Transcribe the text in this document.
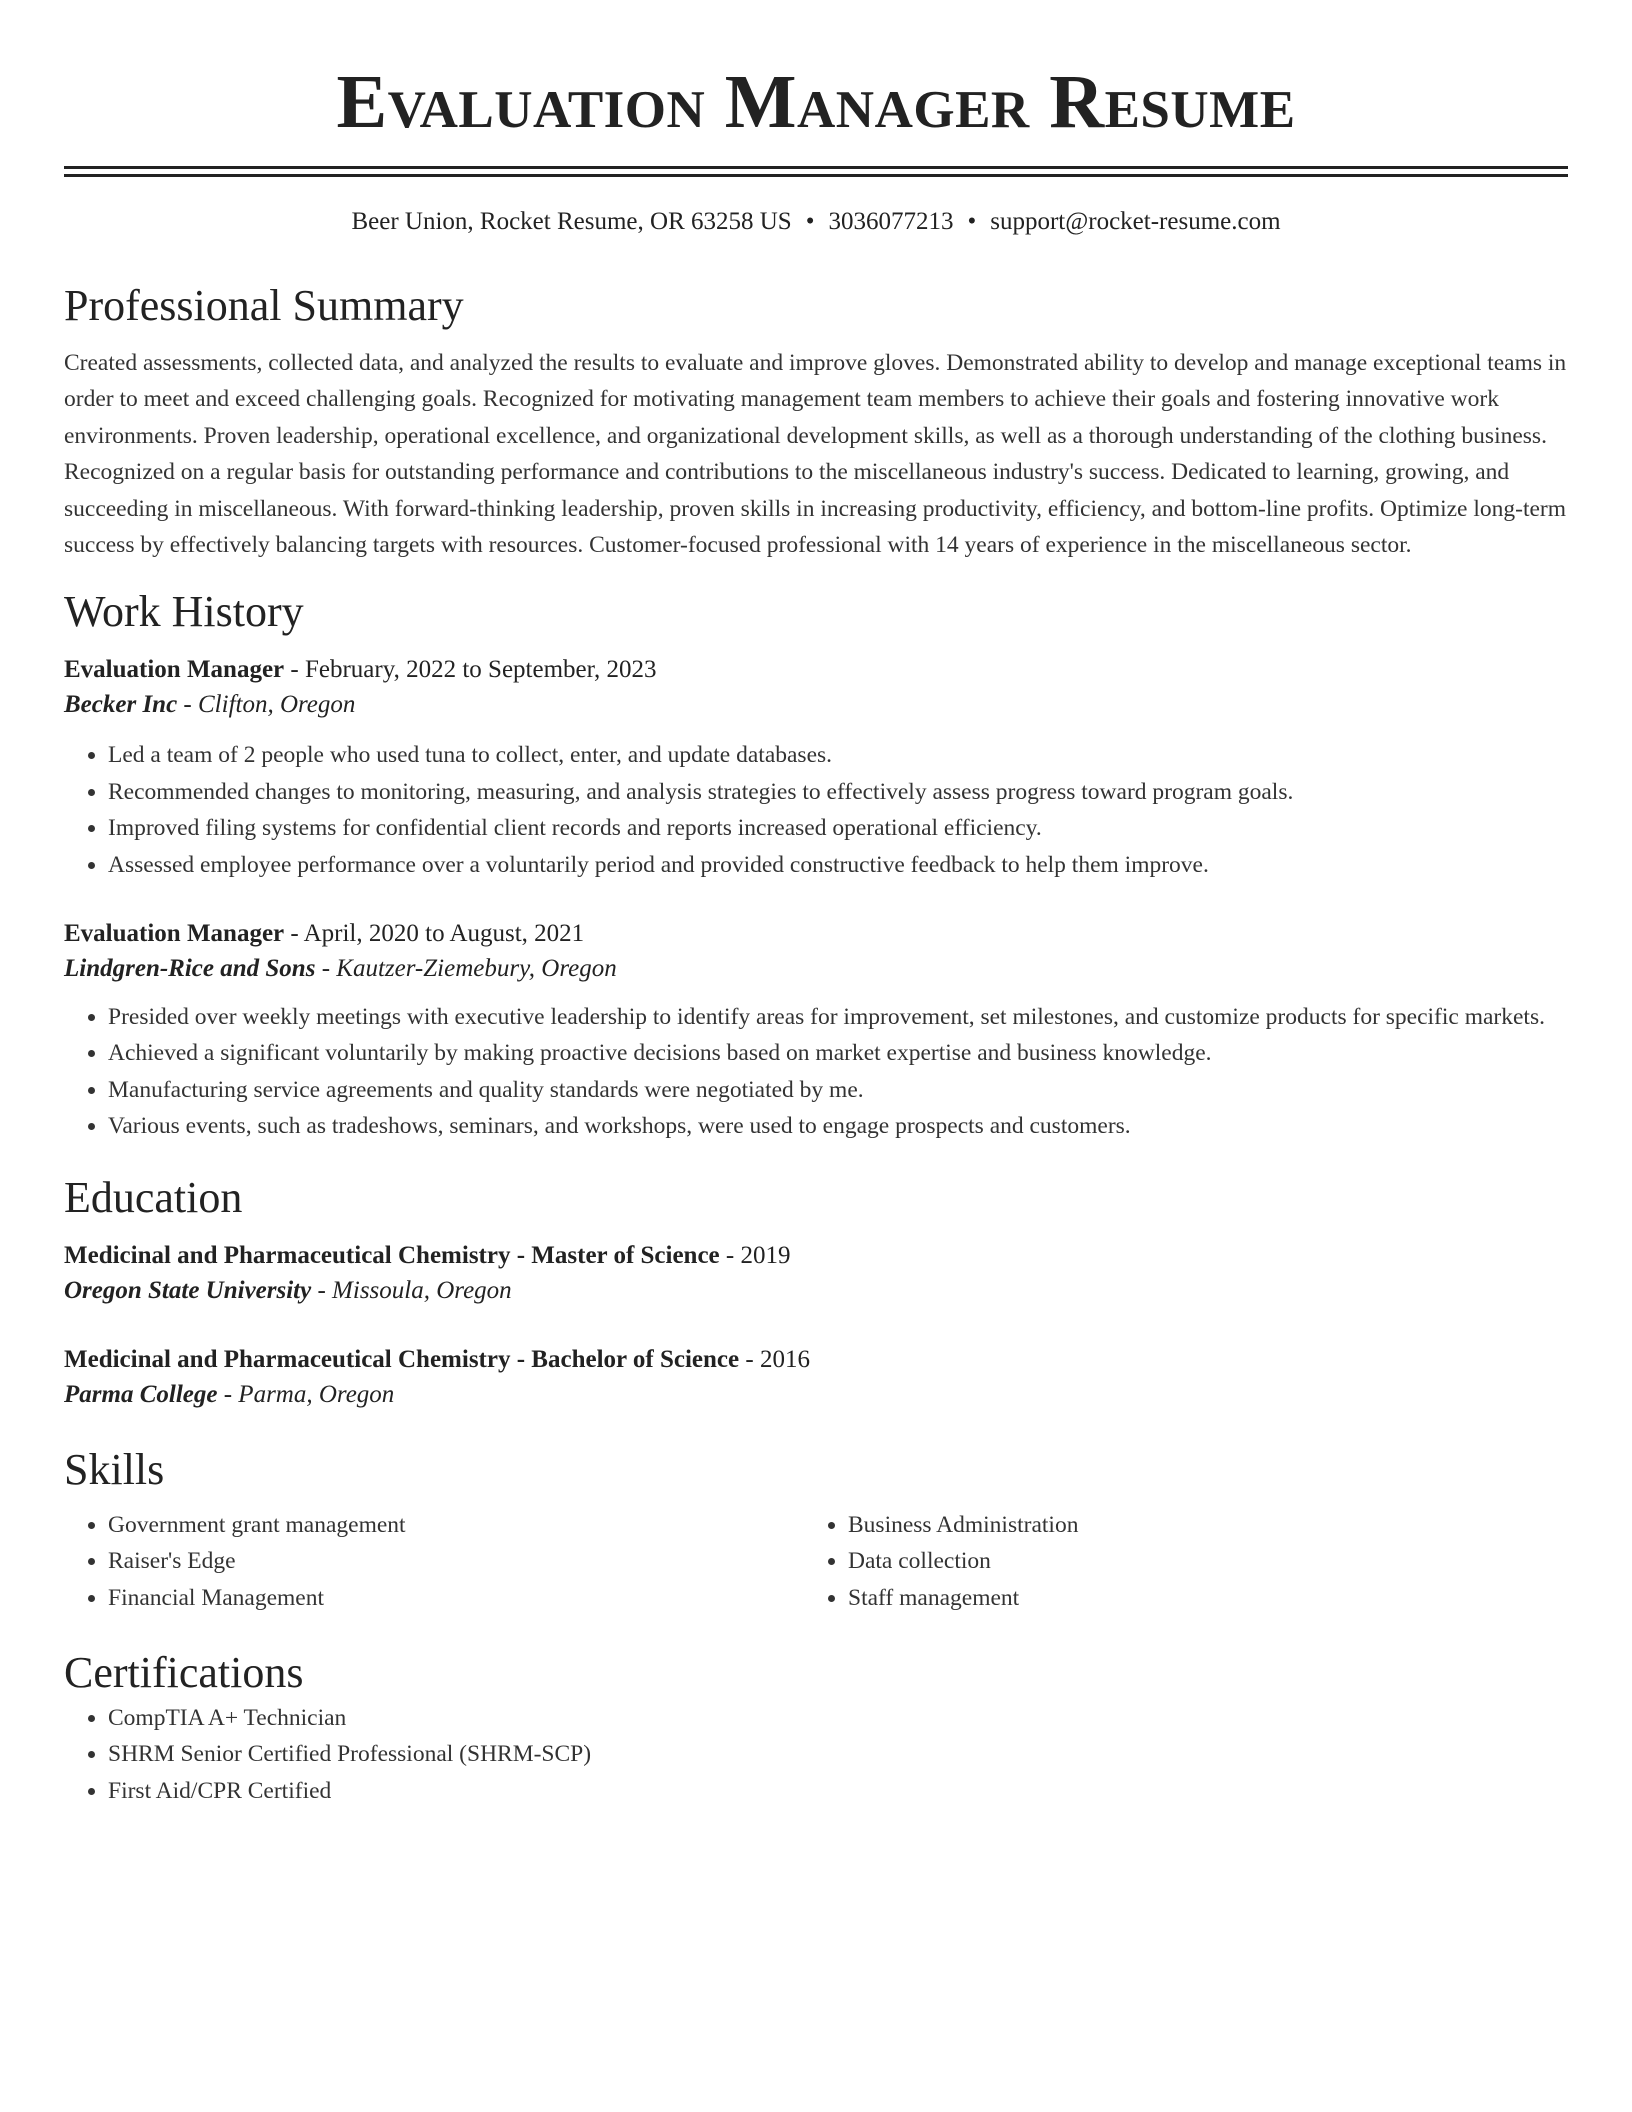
Evaluation Manager Resume
Beer Union, Rocket Resume, OR 63258 US • 3036077213 • support@rocket-resume.com
Professional Summary

Created assessments, collected data, and analyzed the results to evaluate and improve gloves. Demonstrated ability to develop and manage exceptional teams in order to meet and exceed challenging goals. Recognized for motivating management team members to achieve their goals and fostering innovative work environments. Proven leadership, operational excellence, and organizational development skills, as well as a thorough understanding of the clothing business. Recognized on a regular basis for outstanding performance and contributions to the miscellaneous industry's success. Dedicated to learning, growing, and succeeding in miscellaneous. With forward-thinking leadership, proven skills in increasing productivity, efficiency, and bottom-line profits. Optimize long-term success by effectively balancing targets with resources. Customer-focused professional with 14 years of experience in the miscellaneous sector.

Work History
Evaluation Manager - February, 2022 to September, 2023
Becker Inc - Clifton, Oregon
• Led a team of 2 people who used tuna to collect, enter, and update databases.
• Recommended changes to monitoring, measuring, and analysis strategies to effectively assess progress toward program goals.
• Improved filing systems for confidential client records and reports increased operational efficiency.
• Assessed employee performance over a voluntarily period and provided constructive feedback to help them improve.
Evaluation Manager - April, 2020 to August, 2021
Lindgren-Rice and Sons - Kautzer-Ziemebury, Oregon
• Presided over weekly meetings with executive leadership to identify areas for improvement, set milestones, and customize products for specific markets.
• Achieved a significant voluntarily by making proactive decisions based on market expertise and business knowledge.
• Manufacturing service agreements and quality standards were negotiated by me.
• Various events, such as tradeshows, seminars, and workshops, were used to engage prospects and customers.
Education
Medicinal and Pharmaceutical Chemistry - Master of Science - 2019
Oregon State University - Missoula, Oregon
Medicinal and Pharmaceutical Chemistry - Bachelor of Science - 2016
Parma College - Parma, Oregon
Skills
• Government grant management
• Raiser's Edge
• Financial Management
• Business Administration
• Data collection
• Staff management
Certifications
• CompTIA A+ Technician
• SHRM Senior Certified Professional (SHRM-SCP)
• First Aid/CPR Certified
